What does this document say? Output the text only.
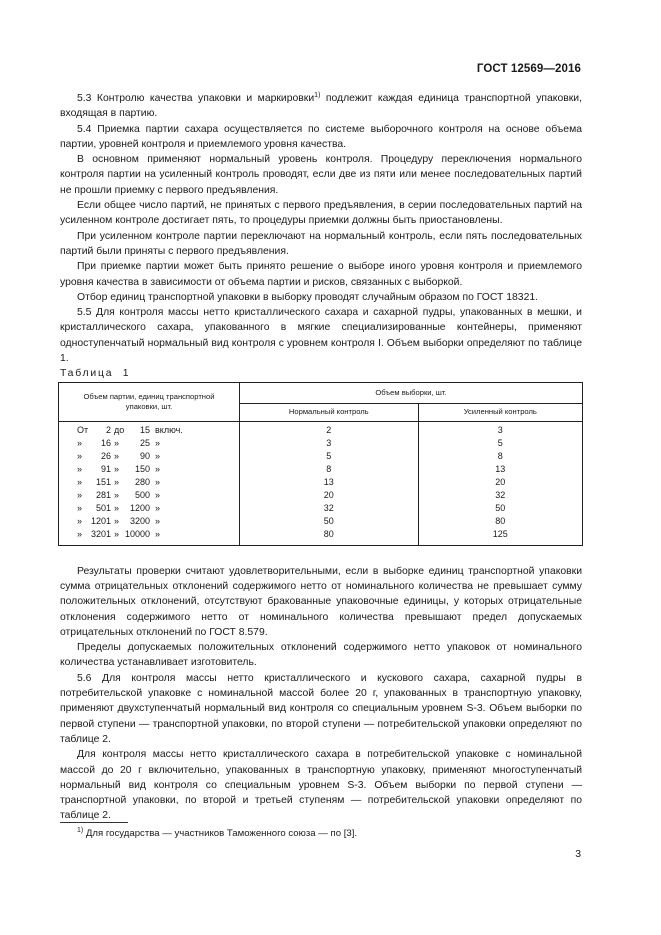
ГОСТ 12569—2016

5.3 Контролю качества упаковки и маркировки$^{1)}$ подлежит каждая единица транспортной упаковки, входящая в партию.

5.4 Приемка партии сахара осуществляется по системе выборочного контроля на основе объема партии, уровней контроля и приемлемого уровня качества.

В основном применяют нормальный уровень контроля. Процедуру переключения нормального контроля партии на усиленный контроль проводят, если две из пяти или менее последовательных партий не прошли приемку с первого предъявления.

Если общее число партий, не принятых с первого предъявления, в серии последовательных партий на усиленном контроле достигает пять, то процедуры приемки должны быть приостановлены.

При усиленном контроле партии переключают на нормальный контроль, если пять последовательных партий были приняты с первого предъявления.

При приемке партии может быть принято решение о выборе иного уровня контроля и приемлемого уровня качества в зависимости от объема партии и рисков, связанных с выборкой.

Отбор единиц транспортной упаковки в выборку проводят случайным образом по ГОСТ 18321.

5.5 Для контроля массы нетто кристаллического сахара и сахарной пудры, упакованных в мешки, и кристаллического сахара, упакованного в мягкие специализированные контейнеры, применяют одноступенчатый нормальный вид контроля с уровнем контроля I. Объем выборки определяют по таблице 1.

Таблица 1

Объем партии, единиц транспортной упаковки, шт.	Объем выборки, шт.	
	Нормальный контроль	Усиленный контроль

От 2 до 15 включ.	2	3

» 16 » 25 »	3	5

» 26 » 90 »	5	8

» 91 » 150 »	8	13

» 151 » 280 »	13	20

» 281 » 500 »	20	32

» 501 » 1200 »	32	50

» 1201 » 3200 »	50	80

» 3201 » 10000 »	80	125

Результаты проверки считают удовлетворительными, если в выборке единиц транспортной упаковки сумма отрицательных отклонений содержимого нетто от номинального количества не превышает сумму положительных отклонений, отсутствуют бракованные упаковочные единицы, у которых отрицательные отклонения содержимого нетто от номинального количества превышают предел допускаемых отрицательных отклонений по ГОСТ 8.579.

Пределы допускаемых положительных отклонений содержимого нетто упаковок от номинального количества устанавливает изготовитель.

5.6 Для контроля массы нетто кристаллического и кускового сахара, сахарной пудры в потребительской упаковке с номинальной массой более 20 г, упакованных в транспортную упаковку, применяют двухступенчатый нормальный вид контроля со специальным уровнем S-3. Объем выборки по первой ступени — транспортной упаковки, по второй ступени — потребительской упаковки определяют по таблице 2.

Для контроля массы нетто кристаллического сахара в потребительской упаковке с номинальной массой до 20 г включительно, упакованных в транспортную упаковку, применяют многоступенчатый нормальный вид контроля со специальным уровнем S-3. Объем выборки по первой ступени — транспортной упаковки, по второй и третьей ступеням — потребительской упаковки определяют по таблице 2.

$^{1)}$ Для государства — участников Таможенного союза — по [3].
3
